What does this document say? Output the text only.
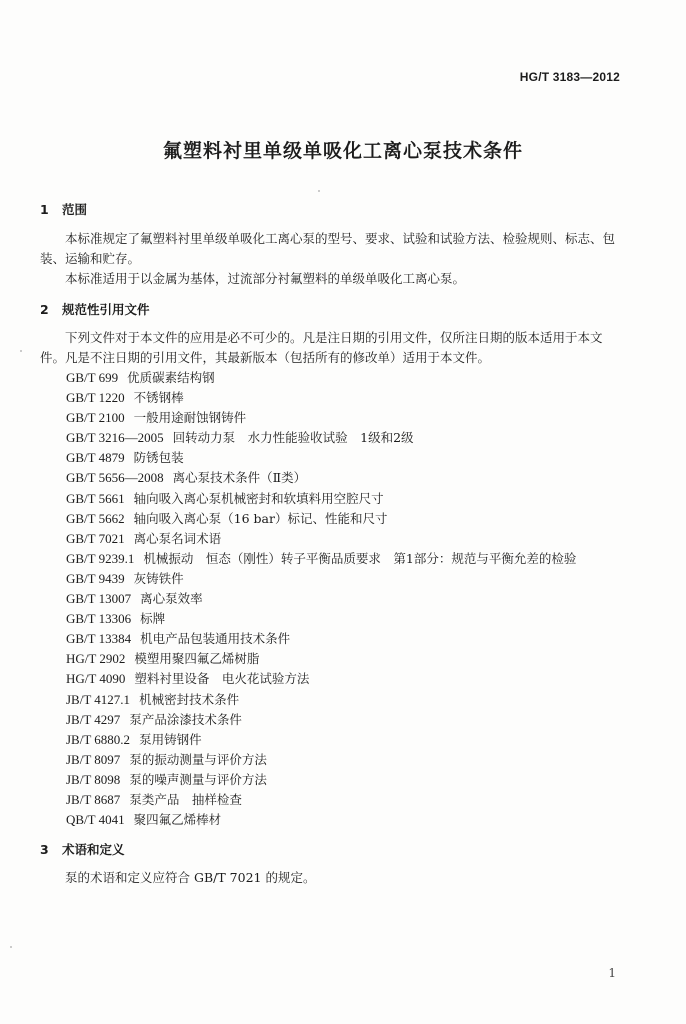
HG/T 3183—2012
氟塑料衬里单级单吸化工离心泵技术条件
1 范围
本标准规定了氟塑料衬里单级单吸化工离心泵的型号、要求、试验和试验方法、检验规则、标志、包装、运输和贮存。
本标准适用于以金属为基体，过流部分衬氟塑料的单级单吸化工离心泵。
2 规范性引用文件
下列文件对于本文件的应用是必不可少的。凡是注日期的引用文件，仅所注日期的版本适用于本文件。凡是不注日期的引用文件，其最新版本（包括所有的修改单）适用于本文件。
GB/T 699 优质碳素结构钢
GB/T 1220 不锈钢棒
GB/T 2100 一般用途耐蚀钢铸件
GB/T 3216—2005 回转动力泵　水力性能验收试验　1级和2级
GB/T 4879 防锈包装
GB/T 5656—2008 离心泵技术条件（Ⅱ类）
GB/T 5661 轴向吸入离心泵机械密封和软填料用空腔尺寸
GB/T 5662 轴向吸入离心泵（16 bar）标记、性能和尺寸
GB/T 7021 离心泵名词术语
GB/T 9239.1 机械振动　恒态（刚性）转子平衡品质要求　第1部分：规范与平衡允差的检验
GB/T 9439 灰铸铁件
GB/T 13007 离心泵效率
GB/T 13306 标牌
GB/T 13384 机电产品包装通用技术条件
HG/T 2902 模塑用聚四氟乙烯树脂
HG/T 4090 塑料衬里设备　电火花试验方法
JB/T 4127.1 机械密封技术条件
JB/T 4297 泵产品涂漆技术条件
JB/T 6880.2 泵用铸钢件
JB/T 8097 泵的振动测量与评价方法
JB/T 8098 泵的噪声测量与评价方法
JB/T 8687 泵类产品　抽样检查
QB/T 4041 聚四氟乙烯棒材
3 术语和定义
泵的术语和定义应符合 GB/T 7021 的规定。
1
